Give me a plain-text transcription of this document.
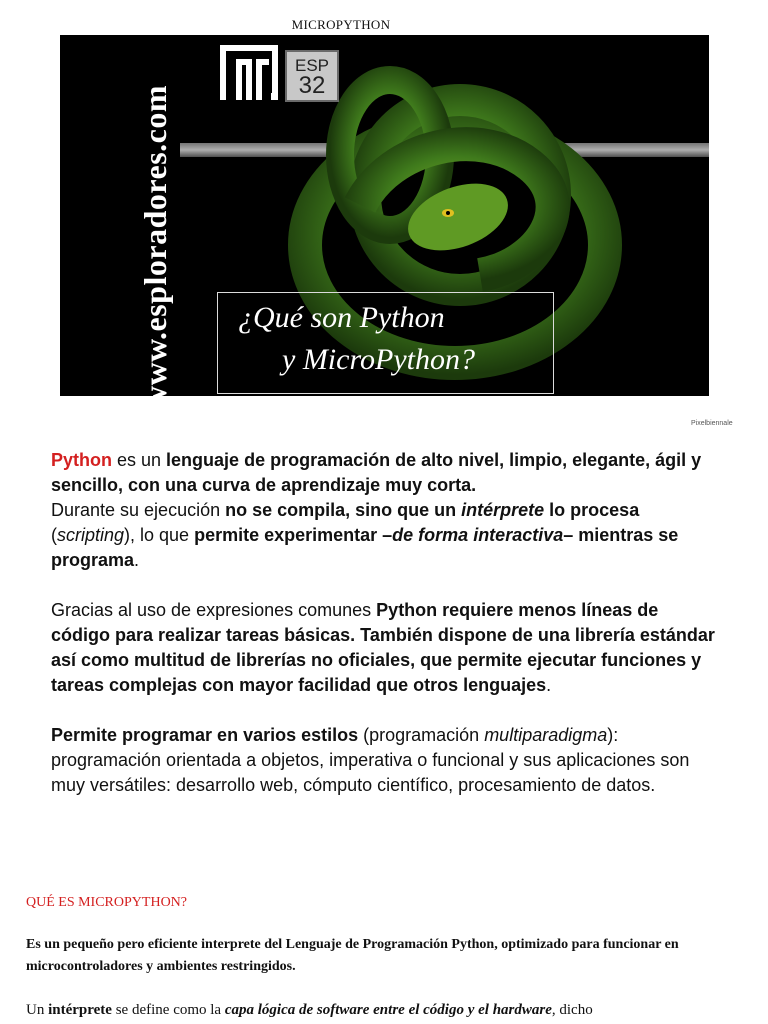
MICROPYTHON
www.esploradores.com
Pixelbiennale
ESP
32
¿Qué son Python
y MicroPython?

Python es un lenguaje de programación de alto nivel, limpio, elegante, ágil y sencillo, con una curva de aprendizaje muy corta.

Durante su ejecución no se compila, sino que un intérprete lo procesa (scripting), lo que permite experimentar –de forma interactiva– mientras se programa.

Gracias al uso de expresiones comunes Python requiere menos líneas de código para realizar tareas básicas. También dispone de una librería estándar así como multitud de librerías no oficiales, que permite ejecutar funciones y tareas complejas con mayor facilidad que otros lenguajes.

Permite programar en varios estilos (programación multiparadigma): programación orientada a objetos, imperativa o funcional y sus aplicaciones son muy versátiles: desarrollo web, cómputo científico, procesamiento de datos.

QUÉ ES MICROPYTHON?
Es un pequeño pero eficiente interprete del Lenguaje de Programación Python, optimizado para funcionar en microcontroladores y ambientes restringidos.
Un intérprete se define como la capa lógica de software entre el código y el hardware, dicho
